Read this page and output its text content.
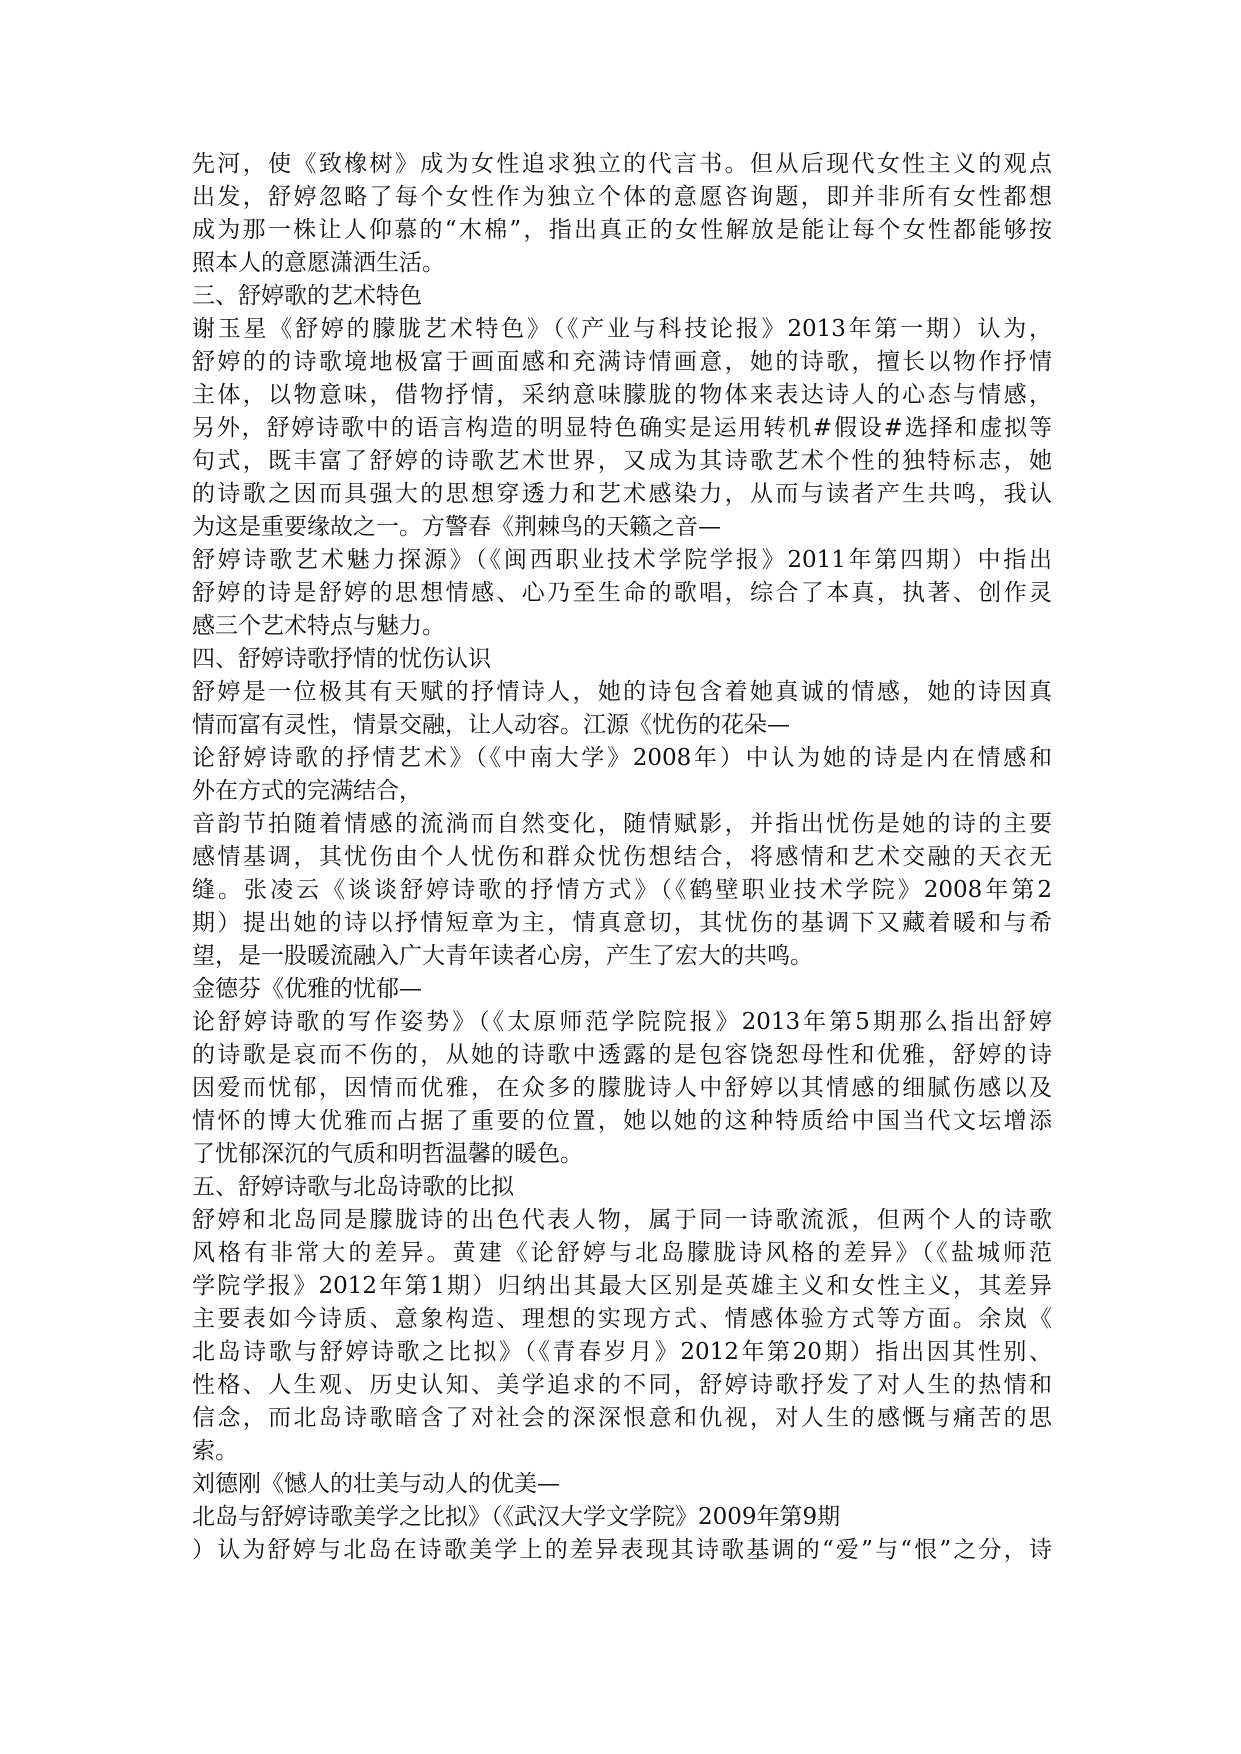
先河，使《致橡树》成为女性追求独立的代言书。但从后现代女性主义的观点
出发，舒婷忽略了每个女性作为独立个体的意愿咨询题，即并非所有女性都想
成为那一株让人仰慕的“木棉”，指出真正的女性解放是能让每个女性都能够按
照本人的意愿潇洒生活。
三、舒婷歌的艺术特色
谢玉星《舒婷的朦胧艺术特色》（《产业与科技论报》2013年第一期）认为，
舒婷的的诗歌境地极富于画面感和充满诗情画意，她的诗歌，擅长以物作抒情
主体，以物意味，借物抒情，采纳意味朦胧的物体来表达诗人的心态与情感，
另外，舒婷诗歌中的语言构造的明显特色确实是运用转机#假设#选择和虚拟等
句式，既丰富了舒婷的诗歌艺术世界，又成为其诗歌艺术个性的独特标志，她
的诗歌之因而具强大的思想穿透力和艺术感染力，从而与读者产生共鸣，我认
为这是重要缘故之一。方警春《荆棘鸟的天籁之音—
舒婷诗歌艺术魅力探源》（《闽西职业技术学院学报》2011年第四期）中指出
舒婷的诗是舒婷的思想情感、心乃至生命的歌唱，综合了本真，执著、创作灵
感三个艺术特点与魅力。
四、舒婷诗歌抒情的忧伤认识
舒婷是一位极其有天赋的抒情诗人，她的诗包含着她真诚的情感，她的诗因真
情而富有灵性，情景交融，让人动容。江源《忧伤的花朵—
论舒婷诗歌的抒情艺术》（《中南大学》2008年）中认为她的诗是内在情感和
外在方式的完满结合，
音韵节拍随着情感的流淌而自然变化，随情赋影，并指出忧伤是她的诗的主要
感情基调，其忧伤由个人忧伤和群众忧伤想结合，将感情和艺术交融的天衣无
缝。张凌云《谈谈舒婷诗歌的抒情方式》（《鹤壁职业技术学院》2008年第2
期）提出她的诗以抒情短章为主，情真意切，其忧伤的基调下又藏着暖和与希
望，是一股暖流融入广大青年读者心房，产生了宏大的共鸣。
金德芬《优雅的忧郁—
论舒婷诗歌的写作姿势》（《太原师范学院院报》2013年第5期那么指出舒婷
的诗歌是哀而不伤的，从她的诗歌中透露的是包容饶恕母性和优雅，舒婷的诗
因爱而忧郁，因情而优雅，在众多的朦胧诗人中舒婷以其情感的细腻伤感以及
情怀的博大优雅而占据了重要的位置，她以她的这种特质给中国当代文坛增添
了忧郁深沉的气质和明哲温馨的暖色。
五、舒婷诗歌与北岛诗歌的比拟
舒婷和北岛同是朦胧诗的出色代表人物，属于同一诗歌流派，但两个人的诗歌
风格有非常大的差异。黄建《论舒婷与北岛朦胧诗风格的差异》（《盐城师范
学院学报》2012年第1期）归纳出其最大区别是英雄主义和女性主义，其差异
主要表如今诗质、意象构造、理想的实现方式、情感体验方式等方面。余岚《
北岛诗歌与舒婷诗歌之比拟》（《青春岁月》2012年第20期）指出因其性别、
性格、人生观、历史认知、美学追求的不同，舒婷诗歌抒发了对人生的热情和
信念，而北岛诗歌暗含了对社会的深深恨意和仇视，对人生的感慨与痛苦的思
索。
刘德刚《憾人的壮美与动人的优美—
北岛与舒婷诗歌美学之比拟》（《武汉大学文学院》2009年第9期
）认为舒婷与北岛在诗歌美学上的差异表现其诗歌基调的“爱”与“恨”之分，诗
